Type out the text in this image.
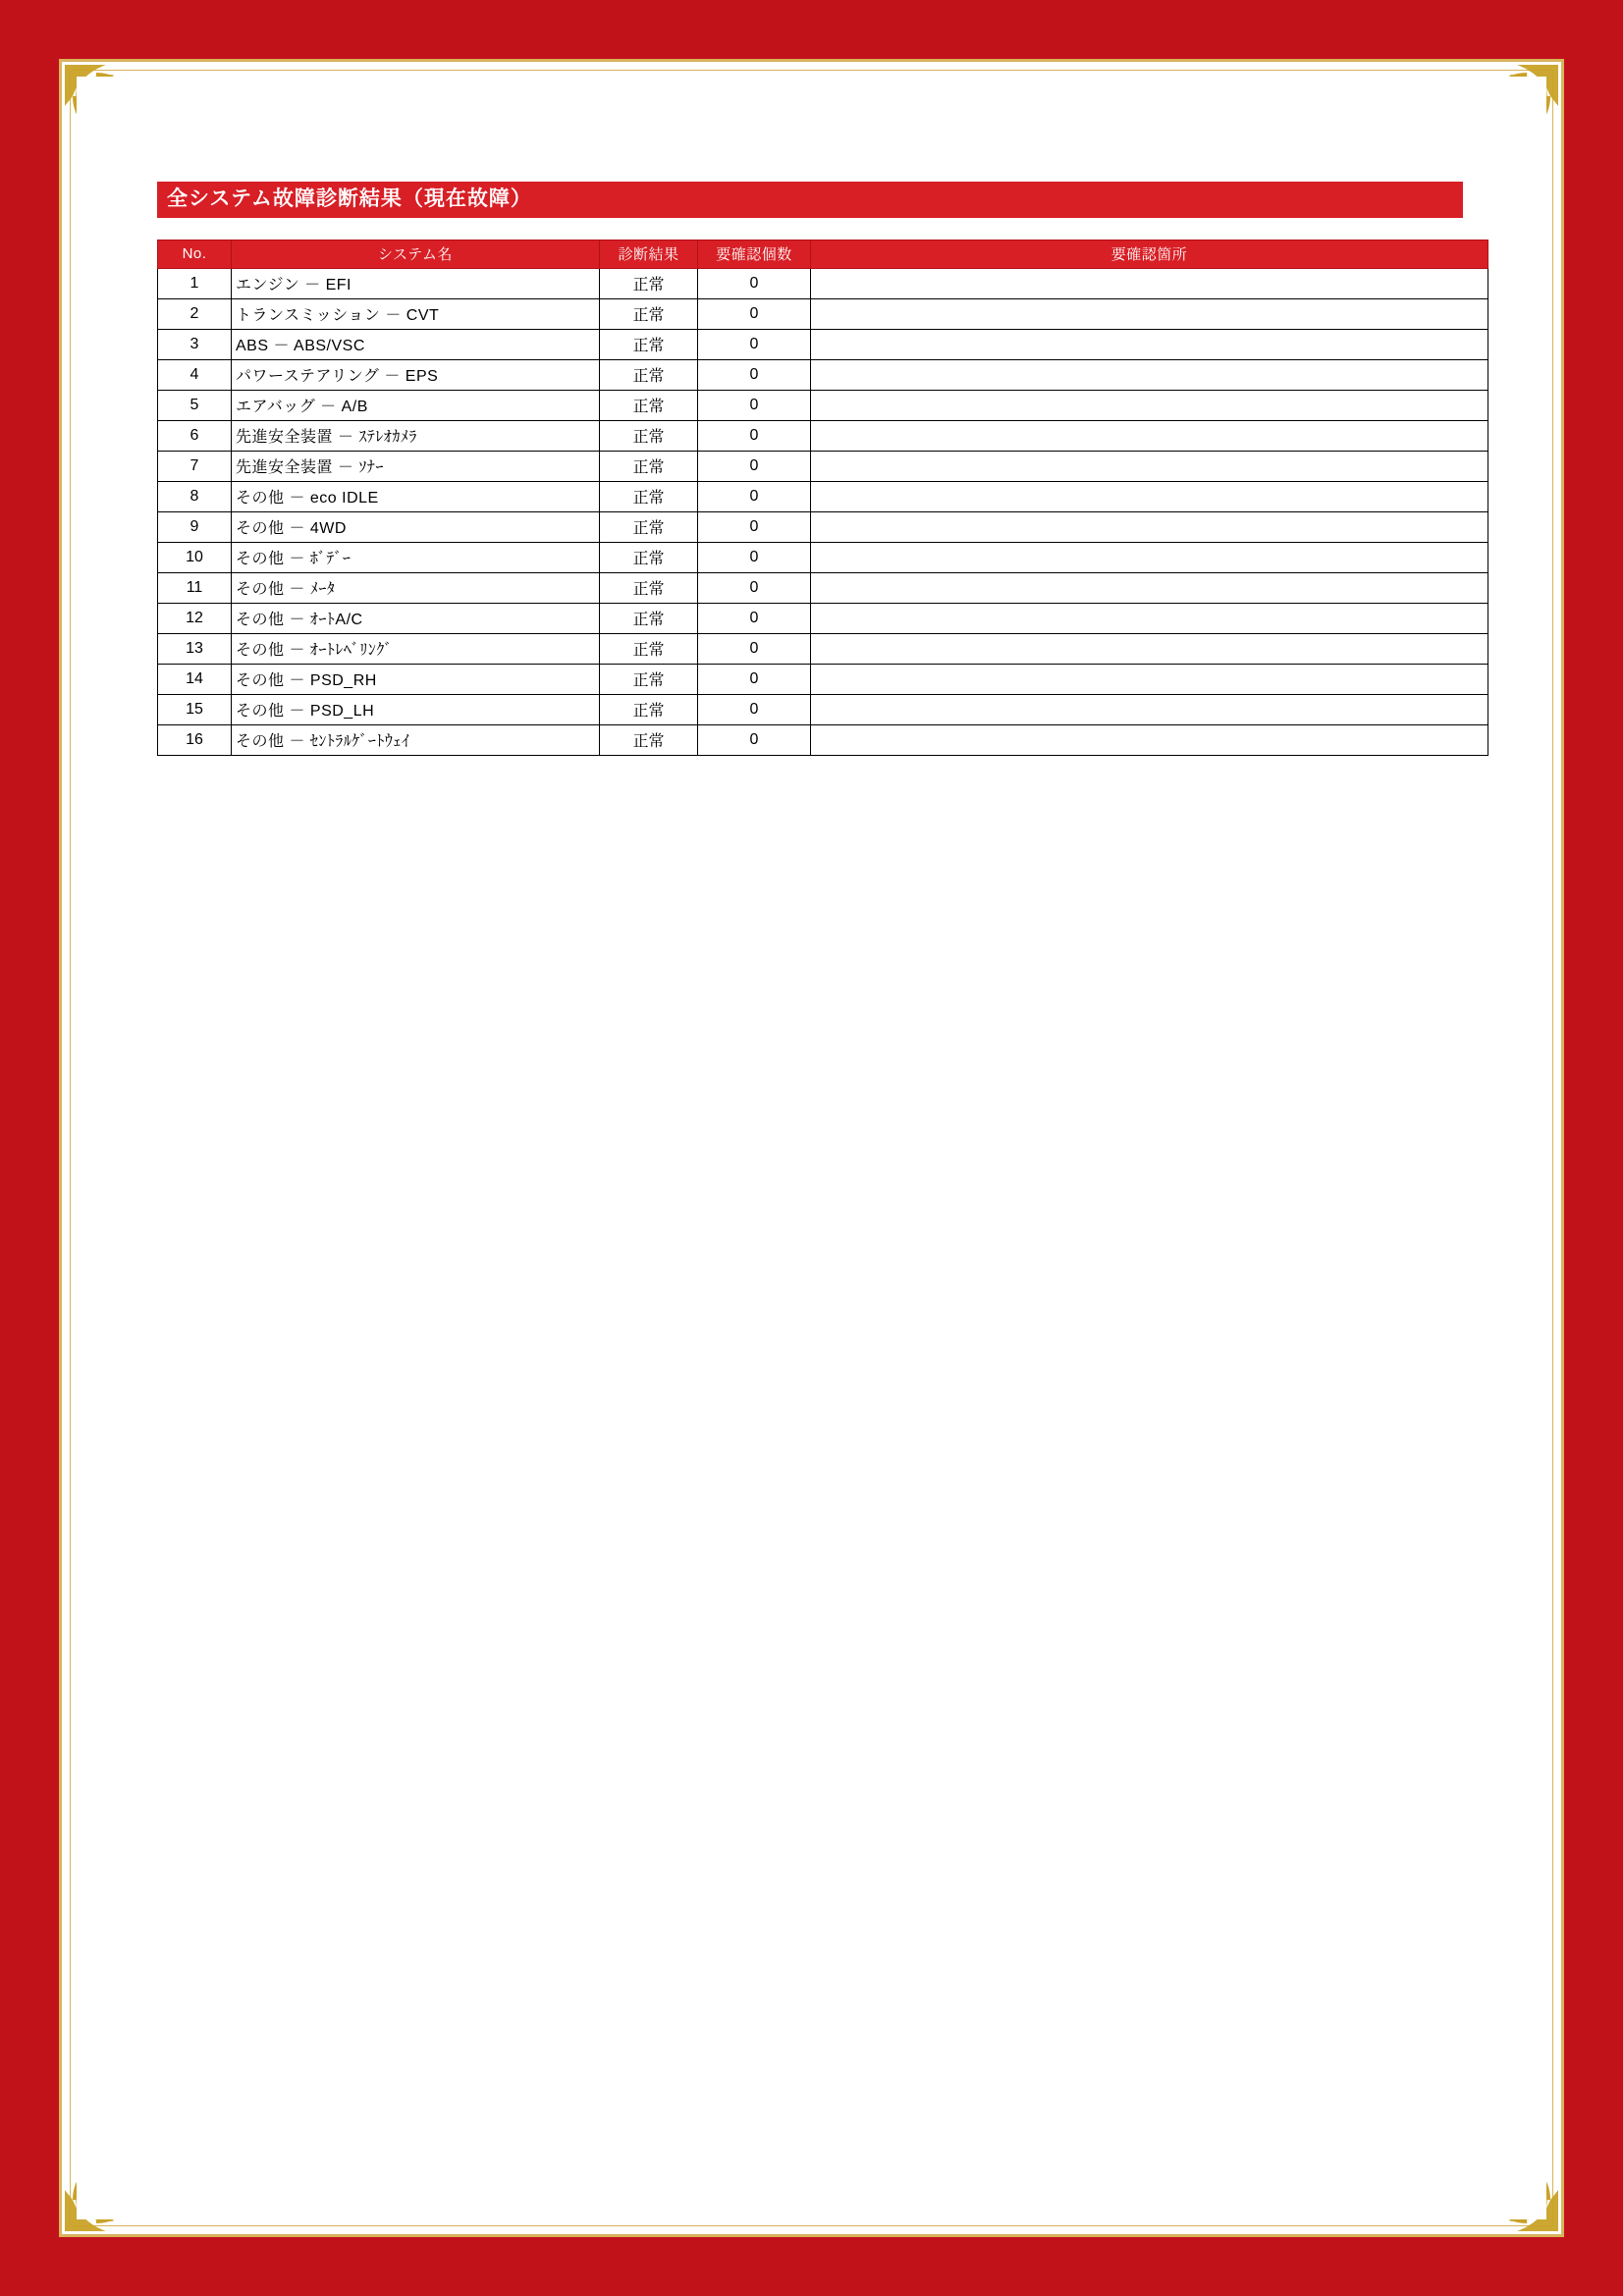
全システム故障診断結果（現在故障）
No.	システム名	診断結果	要確認個数	要確認箇所
1	エンジン － EFI	正常	0	
2	トランスミッション － CVT	正常	0	
3	ABS － ABS/VSC	正常	0	
4	パワーステアリング － EPS	正常	0	
5	エアバッグ － A/B	正常	0	
6	先進安全装置 － ｽﾃﾚｵｶﾒﾗ	正常	0	
7	先進安全装置 － ｿﾅｰ	正常	0	
8	その他 － eco IDLE	正常	0	
9	その他 － 4WD	正常	0	
10	その他 － ﾎﾞﾃﾞｰ	正常	0	
11	その他 － ﾒｰﾀ	正常	0	
12	その他 － ｵｰﾄA/C	正常	0	
13	その他 － ｵｰﾄﾚﾍﾞﾘﾝｸﾞ	正常	0	
14	その他 － PSD_RH	正常	0	
15	その他 － PSD_LH	正常	0	
16	その他 － ｾﾝﾄﾗﾙｹﾞｰﾄｳｪｲ	正常	0	
